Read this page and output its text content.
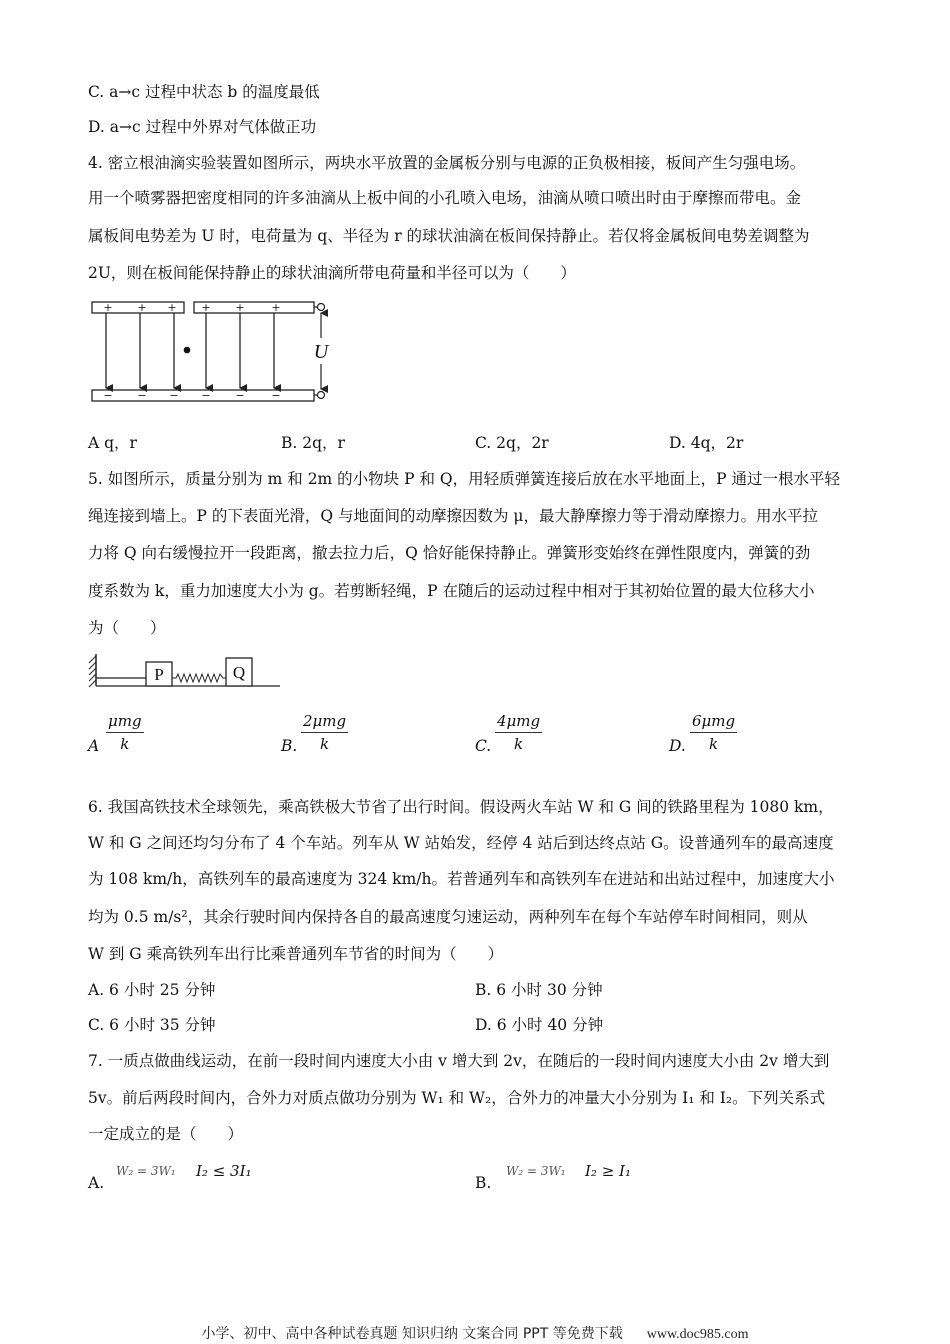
C. a→c 过程中状态 b 的温度最低
D. a→c 过程中外界对气体做正功
4. 密立根油滴实验装置如图所示，两块水平放置的金属板分别与电源的正负极相接，板间产生匀强电场。
用一个喷雾器把密度相同的许多油滴从上板中间的小孔喷入电场，油滴从喷口喷出时由于摩擦而带电。金
属板间电势差为 U 时，电荷量为 q、半径为 r 的球状油滴在板间保持静止。若仅将金属板间电势差调整为
2U，则在板间能保持静止的球状油滴所带电荷量和半径可以为（　　）
+ + + + + +
− − − − − −
U
A q，r	B. 2q，r	C. 2q，2r	D. 4q，2r
5. 如图所示，质量分别为 m 和 2m 的小物块 P 和 Q，用轻质弹簧连接后放在水平地面上，P 通过一根水平轻
绳连接到墙上。P 的下表面光滑，Q 与地面间的动摩擦因数为 μ，最大静摩擦力等于滑动摩擦力。用水平拉
力将 Q 向右缓慢拉开一段距离，撤去拉力后，Q 恰好能保持静止。弹簧形变始终在弹性限度内，弹簧的劲
度系数为 k，重力加速度大小为 g。若剪断轻绳，P 在随后的运动过程中相对于其初始位置的最大位移大小
为（　　）
P	Q
A
μmg
k	B.
2μmg
k	C.
4μmg
k	D.
6μmg
k
6. 我国高铁技术全球领先，乘高铁极大节省了出行时间。假设两火车站 W 和 G 间的铁路里程为 1080 km，
W 和 G 之间还均匀分布了 4 个车站。列车从 W 站始发，经停 4 站后到达终点站 G。设普通列车的最高速度
为 108 km/h，高铁列车的最高速度为 324 km/h。若普通列车和高铁列车在进站和出站过程中，加速度大小
均为 0.5 m/s²，其余行驶时间内保持各自的最高速度匀速运动，两种列车在每个车站停车时间相同，则从
W 到 G 乘高铁列车出行比乘普通列车节省的时间为（　　）
A. 6 小时 25 分钟	B. 6 小时 30 分钟
C. 6 小时 35 分钟	D. 6 小时 40 分钟
7. 一质点做曲线运动，在前一段时间内速度大小由 v 增大到 2v，在随后的一段时间内速度大小由 2v 增大到
5v。前后两段时间内，合外力对质点做功分别为 W₁ 和 W₂，合外力的冲量大小分别为 I₁ 和 I₂。下列关系式
一定成立的是（　　）
A.
W₂ = 3W₁ I₂ ≤ 3I₁
B.
W₂ = 3W₁ I₂ ≥ I₁
小学、初中、高中各种试卷真题 知识归纳 文案合同 PPT 等免费下载 www.doc985.com
